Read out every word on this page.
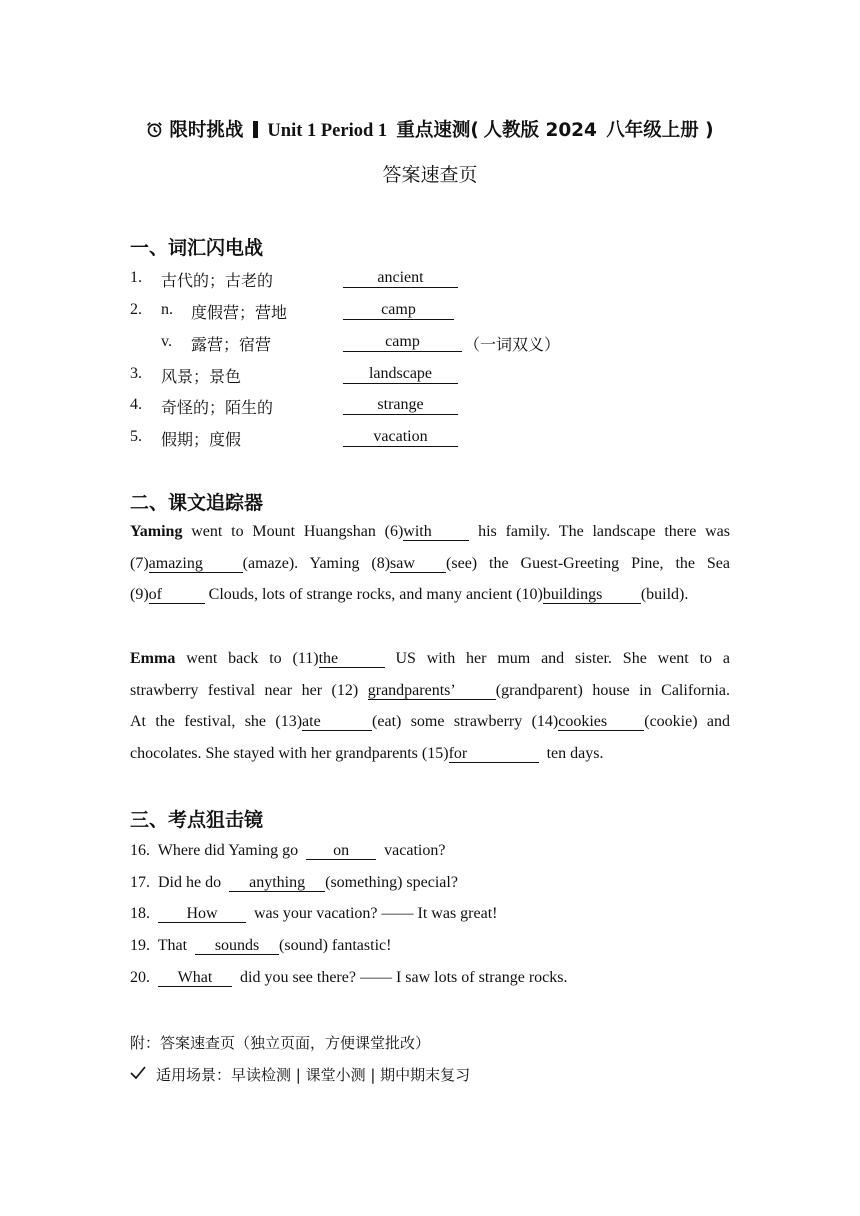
限时挑战 Unit 1 Period 1 重点速测( 人教版 2024 八年级上册 )
答案速查页
一、词汇闪电战
1. 古代的；古老的	ancient
2. n. 度假营；营地	camp
v. 露营；宿营	camp	（一词双义）
3. 风景；景色	landscape
4. 奇怪的；陌生的	strange
5. 假期；度假	vacation
二、课文追踪器
Yaming went to Mount Huangshan (6)with	his family. The landscape there was
(7)amazing (amaze). Yaming (8)saw (see) the Guest-Greeting Pine, the Sea
(9)of	Clouds, lots of strange rocks, and many ancient (10)buildings (build).
Emma went back to (11)the	US with her mum and sister. She went to a
strawberry festival near her (12) grandparents’	(grandparent) house in California.
At the festival, she (13)ate	(eat) some strawberry (14)cookies (cookie) and
chocolates. She stayed with her grandparents (15)for	ten days.
三、考点狙击镜
16. Where did Yaming go on vacation?
17. Did he do anything (something) special?
18. How was your vacation? —— It was great!
19. That sounds (sound) fantastic!
20. What did you see there? —— I saw lots of strange rocks.
附：答案速查页（独立页面，方便课堂批改）
适用场景：早读检测 | 课堂小测 | 期中期末复习
